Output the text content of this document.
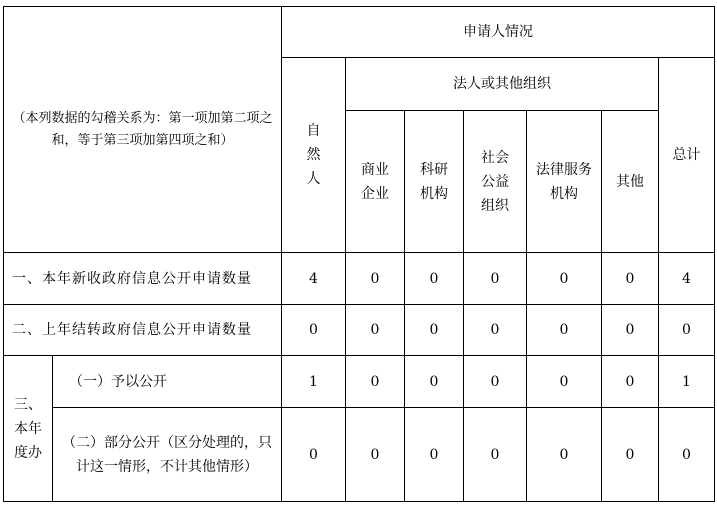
（本列数据的勾稽关系为：第一项加第二项之和，等于第三项加第四项之和）		申请人情况						

		自然人	法人或其他组织					总计

			商业企业	科研机构	社会公益组织	法律服务机构	其他	
一、本年新收政府信息公开申请数量		4	0	0	0	0	0	4
二、上年结转政府信息公开申请数量		0	0	0	0	0	0	0

三、本年度办	（一）予以公开	1	0	0	0	0	0	1
	（二）部分公开（区分处理的，只计这一情形，不计其他情形）	0	0	0	0	0	0	0
